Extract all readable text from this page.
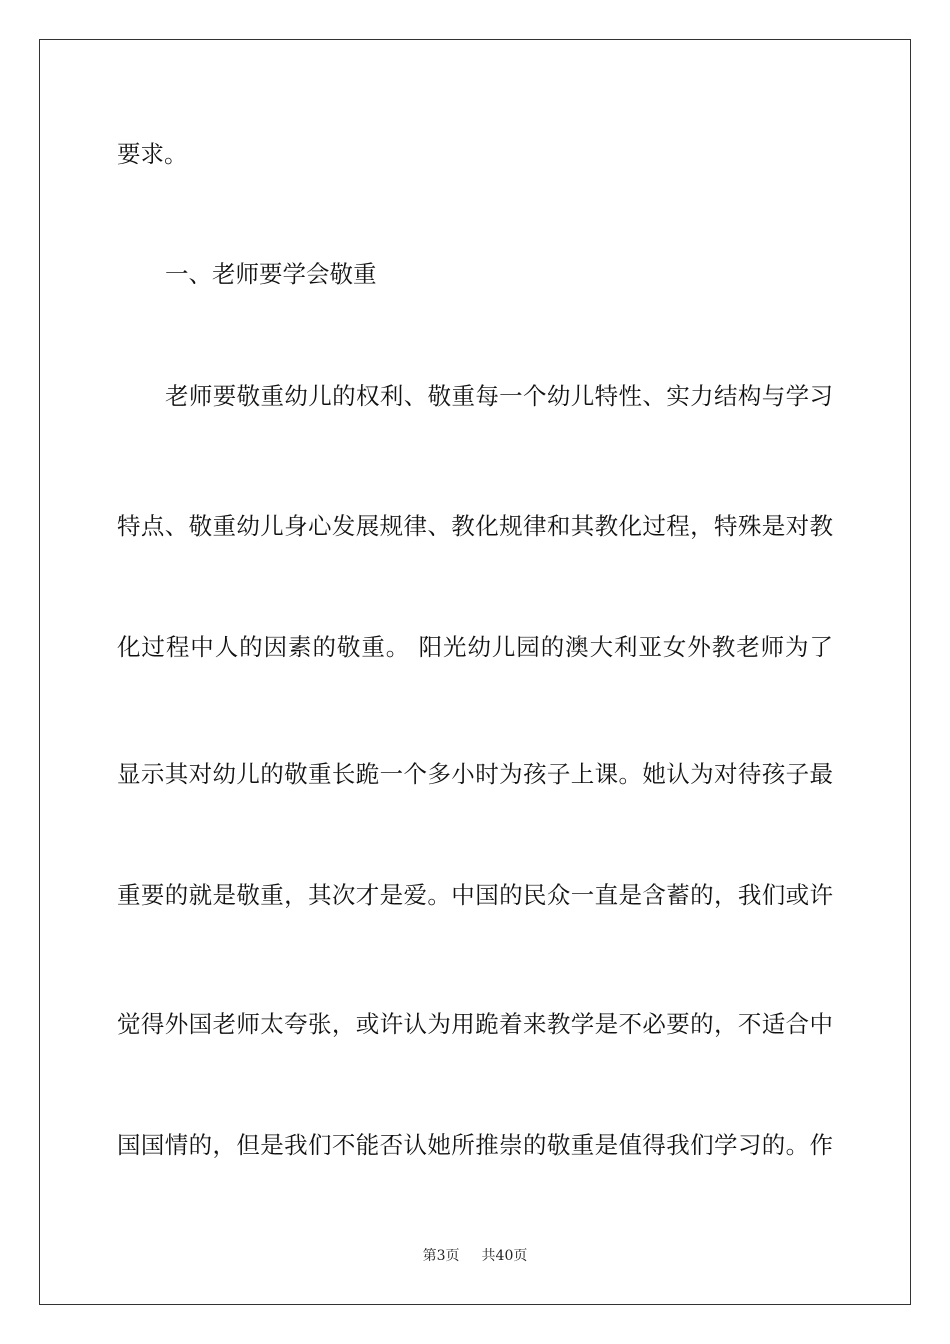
要求。
一、老师要学会敬重
老师要敬重幼儿的权利、敬重每一个幼儿特性、实力结构与学习
特点、敬重幼儿身心发展规律、教化规律和其教化过程，特殊是对教
化过程中人的因素的敬重。 阳光幼儿园的澳大利亚女外教老师为了
显示其对幼儿的敬重长跪一个多小时为孩子上课。她认为对待孩子最
重要的就是敬重，其次才是爱。中国的民众一直是含蓄的，我们或许
觉得外国老师太夸张，或许认为用跪着来教学是不必要的，不适合中
国国情的，但是我们不能否认她所推崇的敬重是值得我们学习的。作
第3页 共40页
